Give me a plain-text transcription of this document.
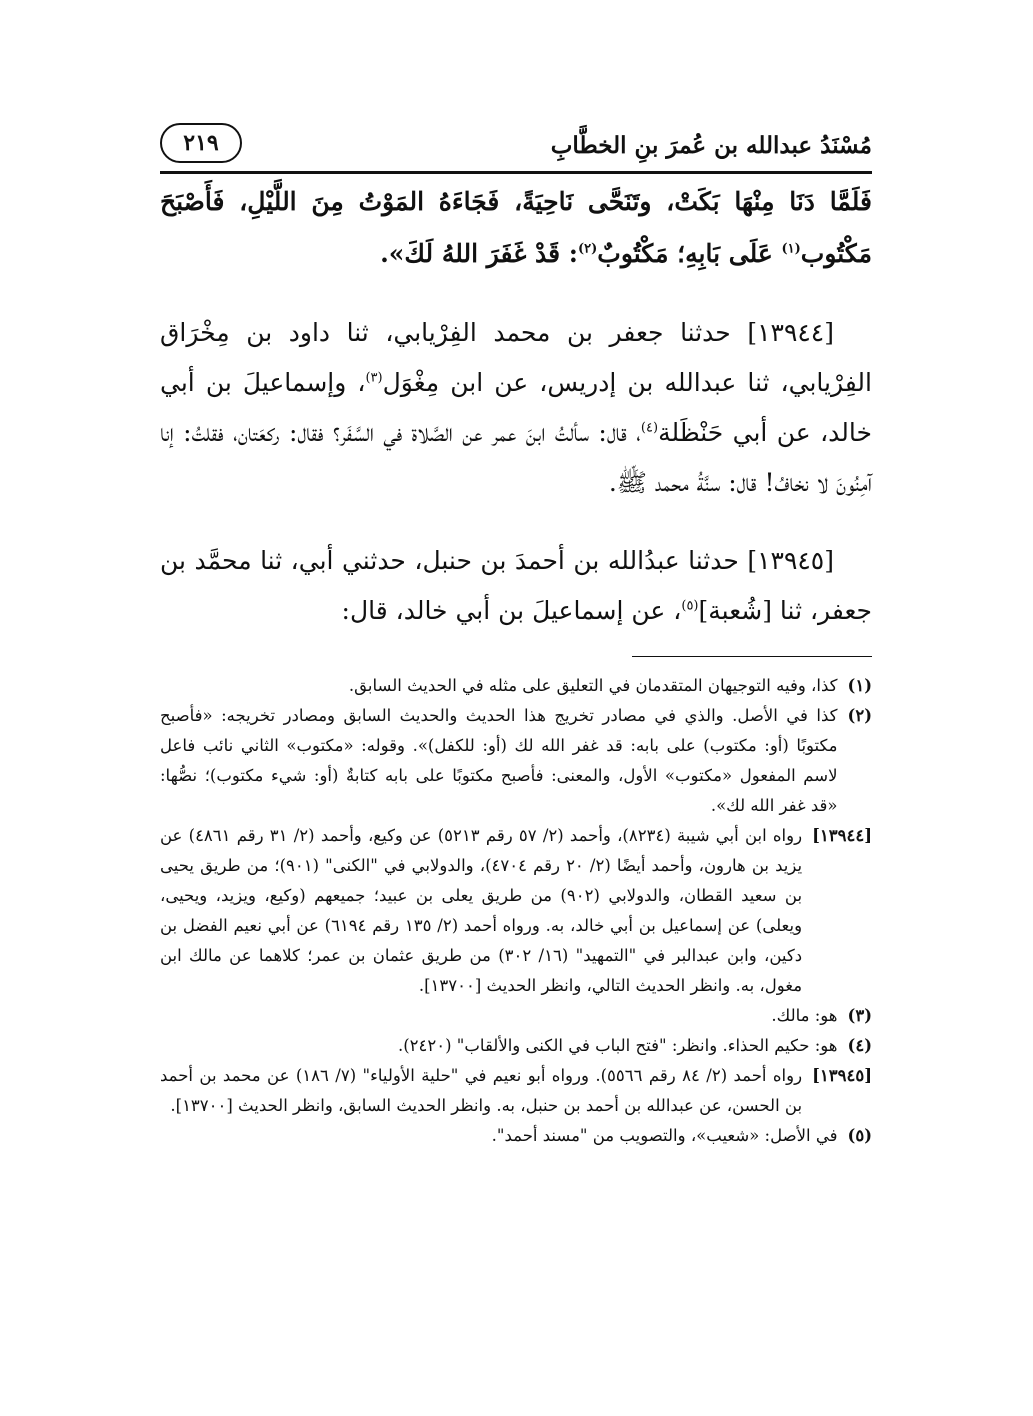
مُسْنَدُ عبدالله بن عُمرَ بنِ الخطَّابِ
٢١٩

فَلَمَّا دَنَا مِنْهَا بَكَتْ، وتَنَحَّى نَاحِيَةً، فَجَاءَهُ المَوْتُ مِنَ اللَّيْلِ، فَأَصْبَحَ مَكْتُوب$^{(١)}$ عَلَى بَابِهِ؛ مَكْتُوبٌ$^{(٢)}$: قَدْ غَفَرَ اللهُ لَكَ».

[١٣٩٤٤] حدثنا جعفر بن محمد الفِرْيابي، ثنا داود بن مِخْرَاق الفِرْيابي، ثنا عبدالله بن إدريس، عن ابن مِغْوَل$^{(٣)}$، وإسماعيلَ بن أبي خالد، عن أبي حَنْظَلة$^{(٤)}$، قال: سألتُ ابنَ عمر عن الصَّلاة في السَّفَر؟ فقال: ركعَتان، فقلتُ: إنا آمِنُونَ لا نخافُ! قال: سنَّةُ محمد ﷺ.

[١٣٩٤٥] حدثنا عبدُالله بن أحمدَ بن حنبل، حدثني أبي، ثنا محمَّد بن جعفر، ثنا [شُعبة]$^{(٥)}$، عن إسماعيلَ بن أبي خالد، قال:

(١)
كذا، وفيه التوجيهان المتقدمان في التعليق على مثله في الحديث السابق.
(٢)
كذا في الأصل. والذي في مصادر تخريج هذا الحديث والحديث السابق ومصادر تخريجه: «فأصبح مكتوبًا (أو: مكتوب) على بابه: قد غفر الله لك (أو: للكفل)». وقوله: «مكتوب» الثاني نائب فاعل لاسم المفعول «مكتوب» الأول، والمعنى: فأصبح مكتوبًا على بابه كتابةٌ (أو: شيء مكتوب)؛ نصُّها: «قد غفر الله لك».
[١٣٩٤٤]
رواه ابن أبي شيبة (٨٢٣٤)، وأحمد (٢/ ٥٧ رقم ٥٢١٣) عن وكيع، وأحمد (٢/ ٣١ رقم ٤٨٦١) عن يزيد بن هارون، وأحمد أيضًا (٢/ ٢٠ رقم ٤٧٠٤)، والدولابي في "الكنى" (٩٠١)؛ من طريق يحيى بن سعيد القطان، والدولابي (٩٠٢) من طريق يعلى بن عبيد؛ جميعهم (وكيع، ويزيد، ويحيى، ويعلى) عن إسماعيل بن أبي خالد، به. ورواه أحمد (٢/ ١٣٥ رقم ٦١٩٤) عن أبي نعيم الفضل بن دكين، وابن عبدالبر في "التمهيد" (١٦/ ٣٠٢) من طريق عثمان بن عمر؛ كلاهما عن مالك ابن مغول، به. وانظر الحديث التالي، وانظر الحديث [١٣٧٠٠].
(٣)
هو: مالك.
(٤)
هو: حكيم الحذاء. وانظر: "فتح الباب في الكنى والألقاب" (٢٤٢٠).
[١٣٩٤٥]
رواه أحمد (٢/ ٨٤ رقم ٥٥٦٦). ورواه أبو نعيم في "حلية الأولياء" (٧/ ١٨٦) عن محمد بن أحمد بن الحسن، عن عبدالله بن أحمد بن حنبل، به. وانظر الحديث السابق، وانظر الحديث [١٣٧٠٠].
(٥)
في الأصل: «شعيب»، والتصويب من "مسند أحمد".
